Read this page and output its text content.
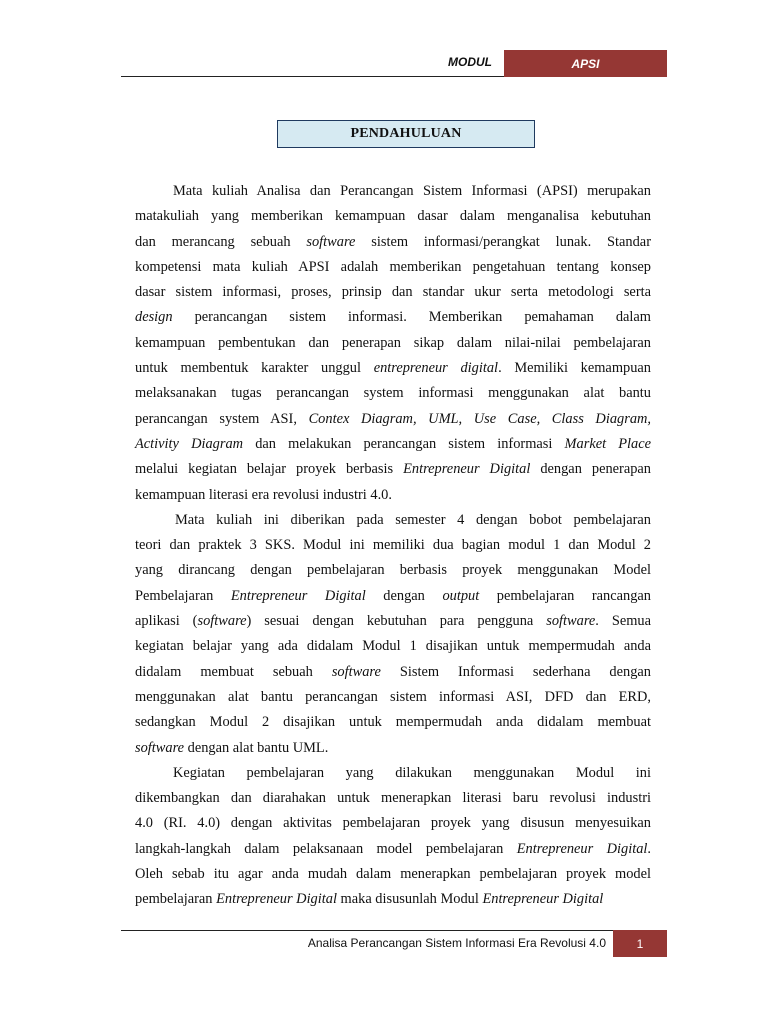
MODUL	APSI
PENDAHULUAN
Mata kuliah Analisa dan Perancangan Sistem Informasi (APSI) merupakan
matakuliah yang memberikan kemampuan dasar dalam menganalisa kebutuhan
dan merancang sebuah software sistem informasi/perangkat lunak. Standar
kompetensi mata kuliah APSI adalah memberikan pengetahuan tentang konsep
dasar sistem informasi, proses, prinsip dan standar ukur serta metodologi serta
design perancangan sistem informasi. Memberikan pemahaman dalam
kemampuan pembentukan dan penerapan sikap dalam nilai-nilai pembelajaran
untuk membentuk karakter unggul entrepreneur digital. Memiliki kemampuan
melaksanakan tugas perancangan system informasi menggunakan alat bantu
perancangan system ASI, Contex Diagram, UML, Use Case, Class Diagram,
Activity Diagram dan melakukan perancangan sistem informasi Market Place
melalui kegiatan belajar proyek berbasis Entrepreneur Digital dengan penerapan
kemampuan literasi era revolusi industri 4.0.
Mata kuliah ini diberikan pada semester 4 dengan bobot pembelajaran
teori dan praktek 3 SKS. Modul ini memiliki dua bagian modul 1 dan Modul 2
yang dirancang dengan pembelajaran berbasis proyek menggunakan Model
Pembelajaran Entrepreneur Digital dengan output pembelajaran rancangan
aplikasi (software) sesuai dengan kebutuhan para pengguna software. Semua
kegiatan belajar yang ada didalam Modul 1 disajikan untuk mempermudah anda
didalam membuat sebuah software Sistem Informasi sederhana dengan
menggunakan alat bantu perancangan sistem informasi ASI, DFD dan ERD,
sedangkan Modul 2 disajikan untuk mempermudah anda didalam membuat
software dengan alat bantu UML.
Kegiatan pembelajaran yang dilakukan menggunakan Modul ini
dikembangkan dan diarahakan untuk menerapkan literasi baru revolusi industri
4.0 (RI. 4.0) dengan aktivitas pembelajaran proyek yang disusun menyesuikan
langkah-langkah dalam pelaksanaan model pembelajaran Entrepreneur Digital.
Oleh sebab itu agar anda mudah dalam menerapkan pembelajaran proyek model
pembelajaran Entrepreneur Digital maka disusunlah Modul Entrepreneur Digital
Analisa Perancangan Sistem Informasi Era Revolusi 4.0	1
